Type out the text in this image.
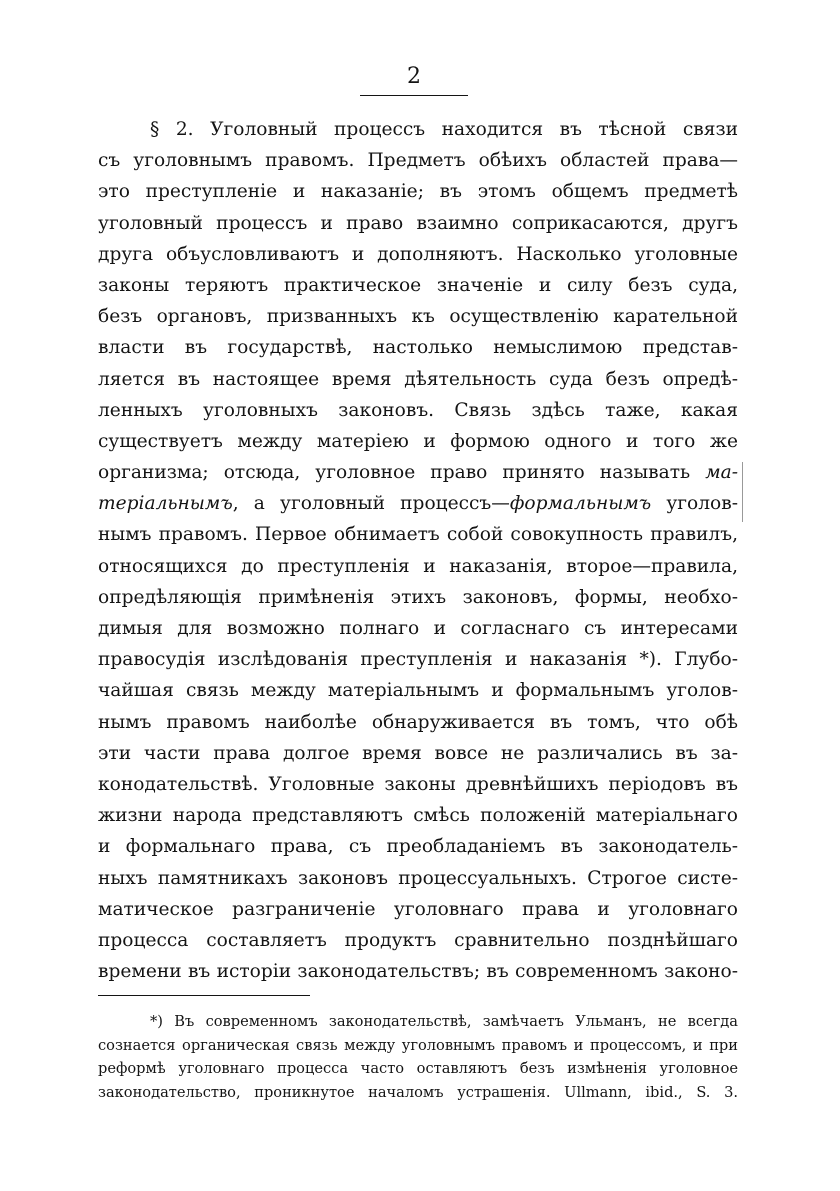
2
§ 2. Уголовный процессъ находится въ тѣсной связи
съ уголовнымъ правомъ. Предметъ обѣихъ областей права—
это преступленіе и наказаніе; въ этомъ общемъ предметѣ
уголовный процессъ и право взаимно соприкасаются, другъ
друга объусловливаютъ и дополняютъ. Насколько уголовные
законы теряютъ практическое значеніе и силу безъ суда,
безъ органовъ, призванныхъ къ осуществленію карательной
власти въ государствѣ, настолько немыслимою представ-
ляется въ настоящее время дѣятельность суда безъ опредѣ-
ленныхъ уголовныхъ законовъ. Связь здѣсь таже, какая
существуетъ между матеріею и формою одного и того же
организма; отсюда, уголовное право принято называть ма-
теріальнымъ, а уголовный процессъ—формальнымъ уголов-
нымъ правомъ. Первое обнимаетъ собой совокупность правилъ,
относящихся до преступленія и наказанія, второе—правила,
опредѣляющія примѣненія этихъ законовъ, формы, необхо-
димыя для возможно полнаго и согласнаго съ интересами
правосудія изслѣдованія преступленія и наказанія *). Глубо-
чайшая связь между матеріальнымъ и формальнымъ уголов-
нымъ правомъ наиболѣе обнаруживается въ томъ, что обѣ
эти части права долгое время вовсе не различались въ за-
конодательствѣ. Уголовные законы древнѣйшихъ періодовъ въ
жизни народа представляютъ смѣсь положеній матеріальнаго
и формальнаго права, съ преобладаніемъ въ законодатель-
ныхъ памятникахъ законовъ процессуальныхъ. Строгое систе-
матическое разграниченіе уголовнаго права и уголовнаго
процесса составляетъ продуктъ сравнительно позднѣйшаго
времени въ исторіи законодательствъ; въ современномъ законо-
*) Въ современномъ законодательствѣ, замѣчаетъ Ульманъ, не всегда
сознается органическая связь между уголовнымъ правомъ и процессомъ, и при
реформѣ уголовнаго процесса часто оставляютъ безъ измѣненія уголовное
законодательство, проникнутое началомъ устрашенія. Ullmann, ibid., S. 3.
